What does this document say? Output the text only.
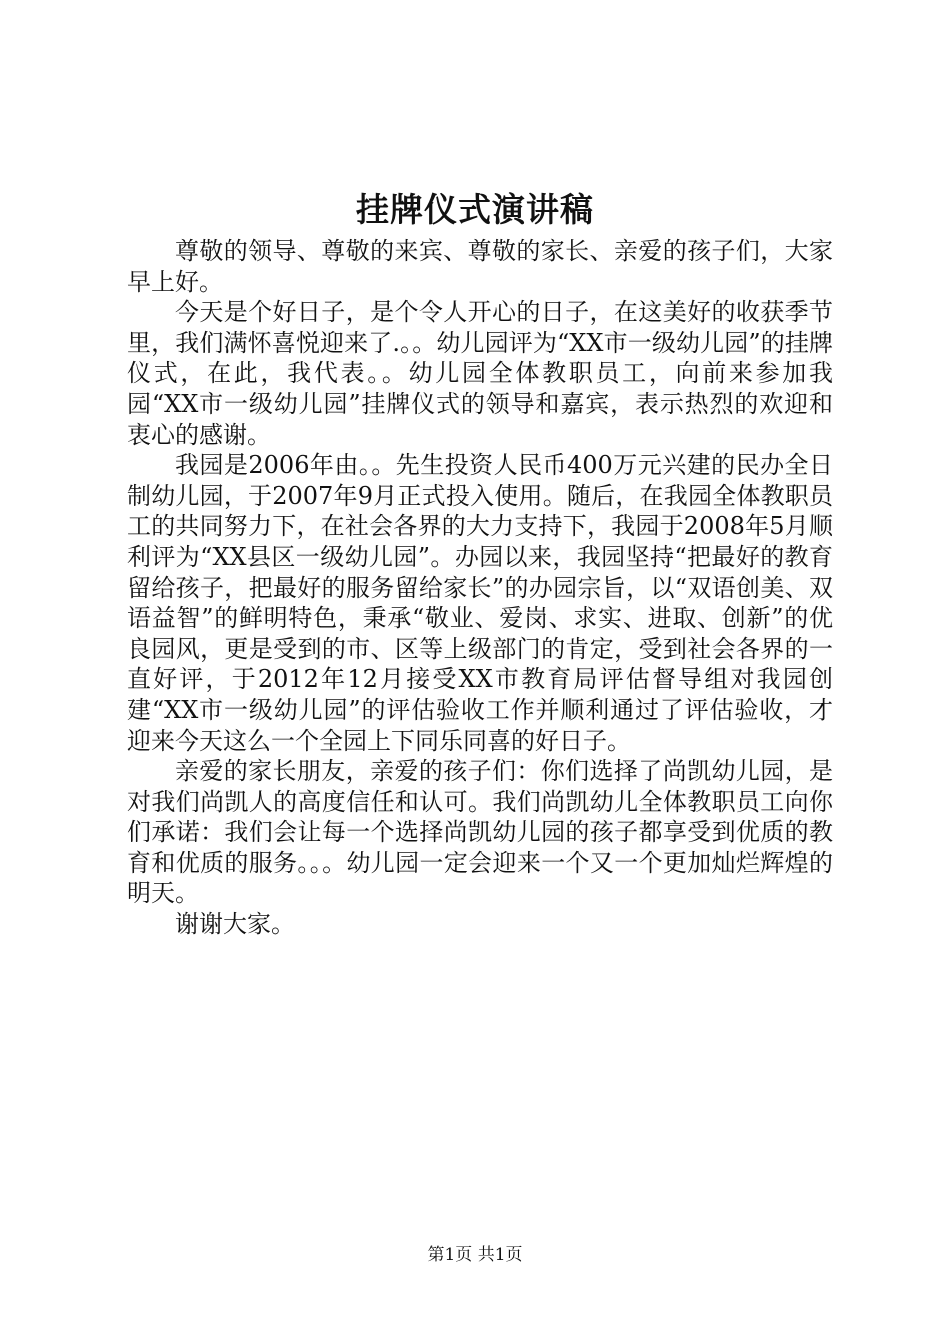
挂牌仪式演讲稿

尊敬的领导、尊敬的来宾、尊敬的家长、亲爱的孩子们，大家早上好。

今天是个好日子，是个令人开心的日子，在这美好的收获季节里，我们满怀喜悦迎来了.。。幼儿园评为“XX市一级幼儿园”的挂牌仪式，在此，我代表。。幼儿园全体教职员工，向前来参加我园“XX市一级幼儿园”挂牌仪式的领导和嘉宾，表示热烈的欢迎和衷心的感谢。

我园是2006年由。。先生投资人民币400万元兴建的民办全日制幼儿园，于2007年9月正式投入使用。随后，在我园全体教职员工的共同努力下，在社会各界的大力支持下，我园于2008年5月顺利评为“XX县区一级幼儿园”。办园以来，我园坚持“把最好的教育留给孩子，把最好的服务留给家长”的办园宗旨，以“双语创美、双语益智”的鲜明特色，秉承“敬业、爱岗、求实、进取、创新”的优良园风，更是受到的市、区等上级部门的肯定，受到社会各界的一直好评，于2012年12月接受XX市教育局评估督导组对我园创建“XX市一级幼儿园”的评估验收工作并顺利通过了评估验收，才迎来今天这么一个全园上下同乐同喜的好日子。

亲爱的家长朋友，亲爱的孩子们：你们选择了尚凯幼儿园，是对我们尚凯人的高度信任和认可。我们尚凯幼儿全体教职员工向你们承诺：我们会让每一个选择尚凯幼儿园的孩子都享受到优质的教育和优质的服务。。。幼儿园一定会迎来一个又一个更加灿烂辉煌的明天。

谢谢大家。

第1页 共1页
